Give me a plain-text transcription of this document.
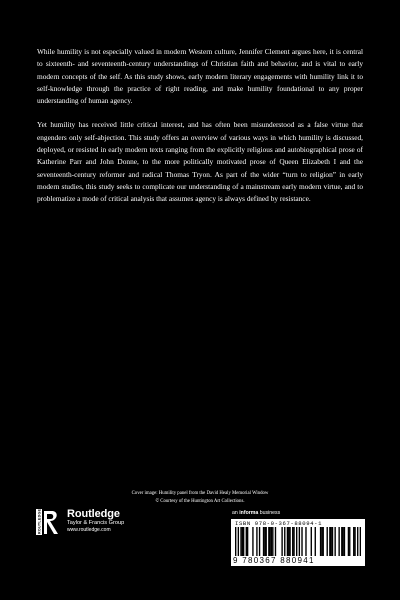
While humility is not especially valued in modern Western culture, Jennifer Clement argues here, it is central to sixteenth- and seventeenth-century understandings of Christian faith and behavior, and is vital to early modern concepts of the self. As this study shows, early modern literary engagements with humility link it to self-knowledge through the practice of right reading, and make humility foundational to any proper understanding of human agency.

Yet humility has received little critical interest, and has often been misunderstood as a false virtue that engenders only self-abjection. This study offers an overview of various ways in which humility is discussed, deployed, or resisted in early modern texts ranging from the explicitly religious and autobiographical prose of Katherine Parr and John Donne, to the more politically motivated prose of Queen Elizabeth I and the seventeenth-century reformer and radical Thomas Tryon. As part of the wider “turn to religion” in early modern studies, this study seeks to complicate our understanding of a mainstream early modern virtue, and to problematize a mode of critical analysis that assumes agency is always defined by resistance.

Cover image: Humility panel from the David Healy Memorial Window
© Courtesy of the Huntington Art Collections.
ROUTLEDGE Routledge
Taylor & Francis Group
www.routledge.com
an informa business
ISBN 978-0-367-88094-1
9 780367 880941
